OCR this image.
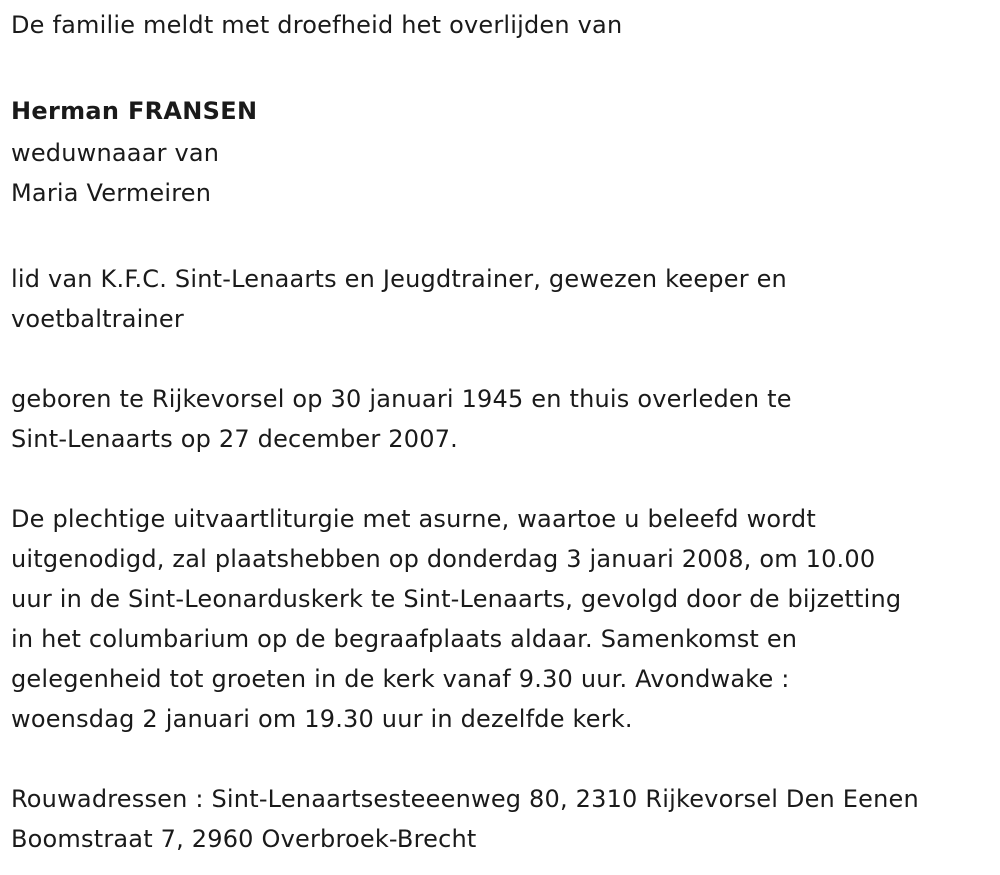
De familie meldt met droefheid het overlijden van
Herman FRANSEN
weduwnaaar van
Maria Vermeiren
lid van K.F.C. Sint-Lenaarts en Jeugdtrainer, gewezen keeper en
voetbaltrainer
geboren te Rijkevorsel op 30 januari 1945 en thuis overleden te
Sint-Lenaarts op 27 december 2007.
De plechtige uitvaartliturgie met asurne, waartoe u beleefd wordt
uitgenodigd, zal plaatshebben op donderdag 3 januari 2008, om 10.00
uur in de Sint-Leonarduskerk te Sint-Lenaarts, gevolgd door de bijzetting
in het columbarium op de begraafplaats aldaar. Samenkomst en
gelegenheid tot groeten in de kerk vanaf 9.30 uur. Avondwake :
woensdag 2 januari om 19.30 uur in dezelfde kerk.
Rouwadressen : Sint-Lenaartsesteeenweg 80, 2310 Rijkevorsel Den Eenen
Boomstraat 7, 2960 Overbroek-Brecht
